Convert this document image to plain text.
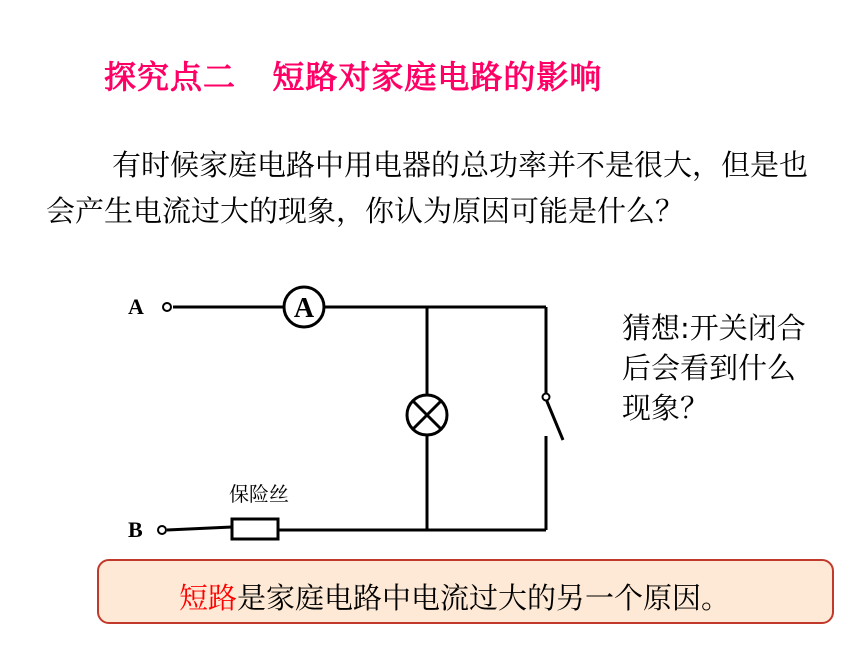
探究点二   短路对家庭电路的影响
有时候家庭电路中用电器的总功率并不是很大，但是也会产生电流过大的现象，你认为原因可能是什么？
A
A
B
保险丝
猜想:开关闭合后会看到什么现象？
短路是家庭电路中电流过大的另一个原因。
